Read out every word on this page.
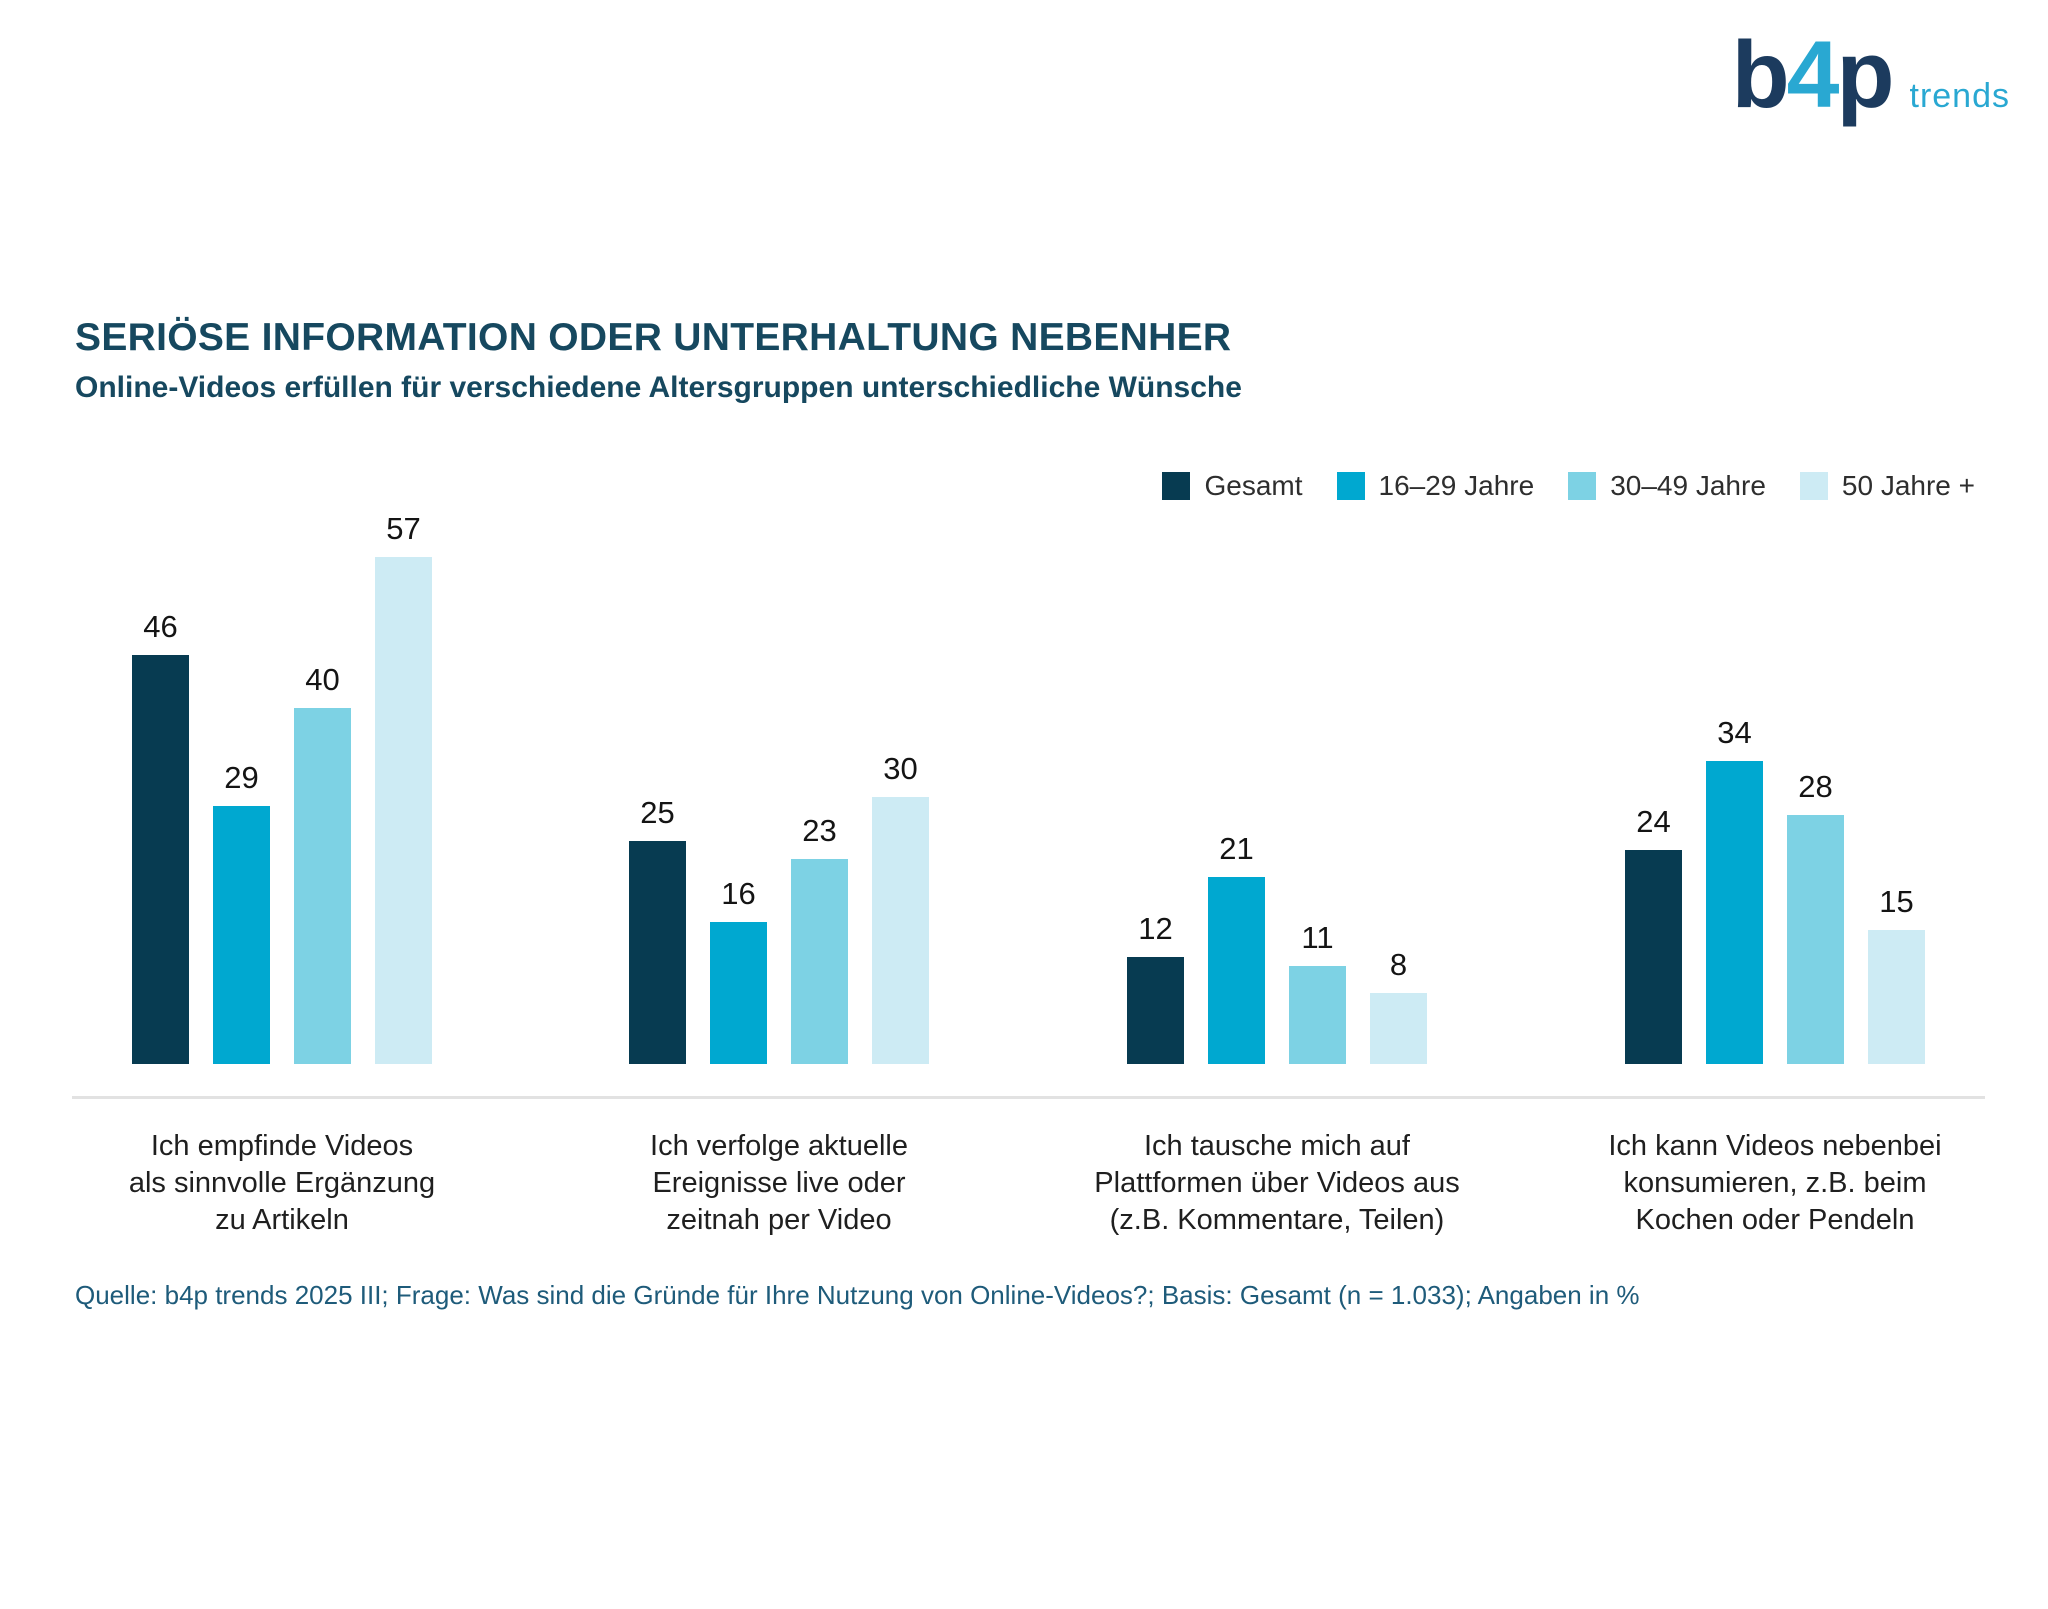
b4p trends
SERIÖSE INFORMATION ODER UNTERHALTUNG NEBENHER
Online-Videos erfüllen für verschiedene Altersgruppen unterschiedliche Wünsche
Gesamt	16–29 Jahre	30–49 Jahre	50 Jahre +
46
29
40
57
Ich empfinde Videos
als sinnvolle Ergänzung
zu Artikeln
25
16
23
30
Ich verfolge aktuelle
Ereignisse live oder
zeitnah per Video
12
21
11
8
Ich tausche mich auf
Plattformen über Videos aus
(z.B. Kommentare, Teilen)
24
34
28
15
Ich kann Videos nebenbei
konsumieren, z.B. beim
Kochen oder Pendeln

Quelle: b4p trends 2025 III; Frage: Was sind die Gründe für Ihre Nutzung von Online-Videos?; Basis: Gesamt (n = 1.033); Angaben in %
